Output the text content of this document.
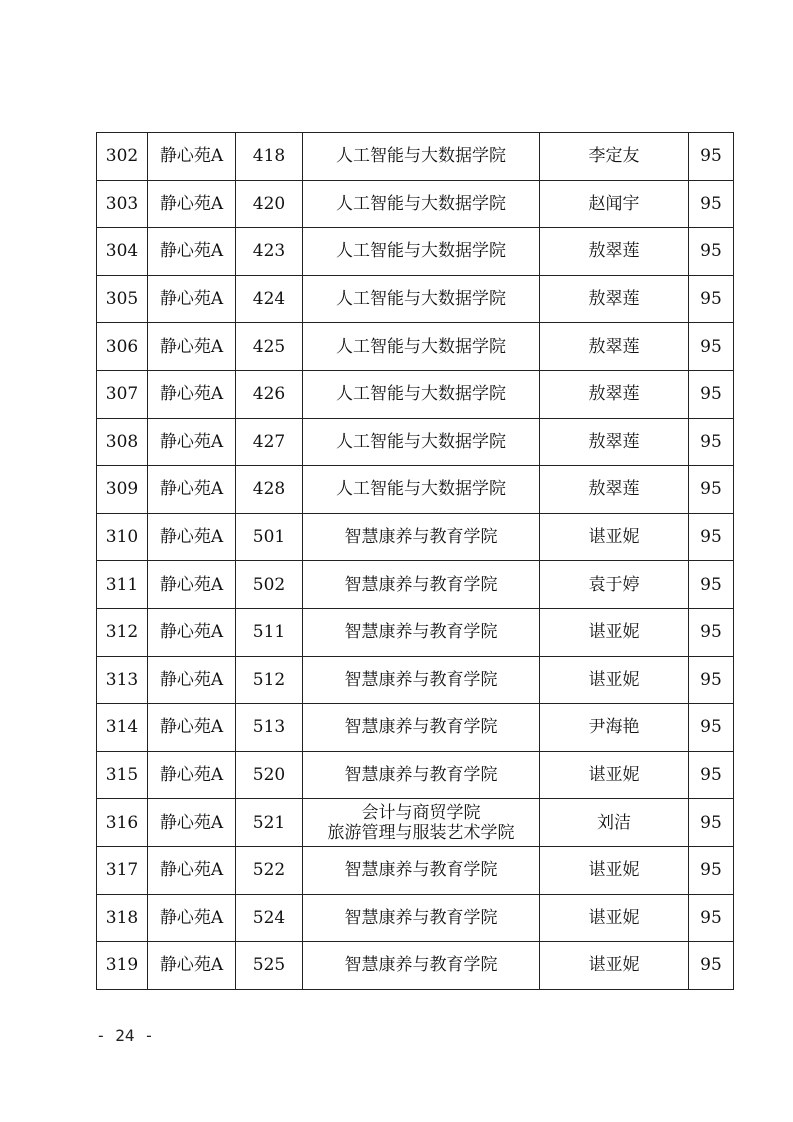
302	静心苑A	418	人工智能与大数据学院	李定友	95
303	静心苑A	420	人工智能与大数据学院	赵闻宇	95
304	静心苑A	423	人工智能与大数据学院	敖翠莲	95
305	静心苑A	424	人工智能与大数据学院	敖翠莲	95
306	静心苑A	425	人工智能与大数据学院	敖翠莲	95
307	静心苑A	426	人工智能与大数据学院	敖翠莲	95
308	静心苑A	427	人工智能与大数据学院	敖翠莲	95
309	静心苑A	428	人工智能与大数据学院	敖翠莲	95
310	静心苑A	501	智慧康养与教育学院	谌亚妮	95
311	静心苑A	502	智慧康养与教育学院	袁于婷	95
312	静心苑A	511	智慧康养与教育学院	谌亚妮	95
313	静心苑A	512	智慧康养与教育学院	谌亚妮	95
314	静心苑A	513	智慧康养与教育学院	尹海艳	95
315	静心苑A	520	智慧康养与教育学院	谌亚妮	95
316	静心苑A	521	会计与商贸学院
旅游管理与服装艺术学院	刘洁	95
317	静心苑A	522	智慧康养与教育学院	谌亚妮	95
318	静心苑A	524	智慧康养与教育学院	谌亚妮	95
319	静心苑A	525	智慧康养与教育学院	谌亚妮	95
- 24 -
